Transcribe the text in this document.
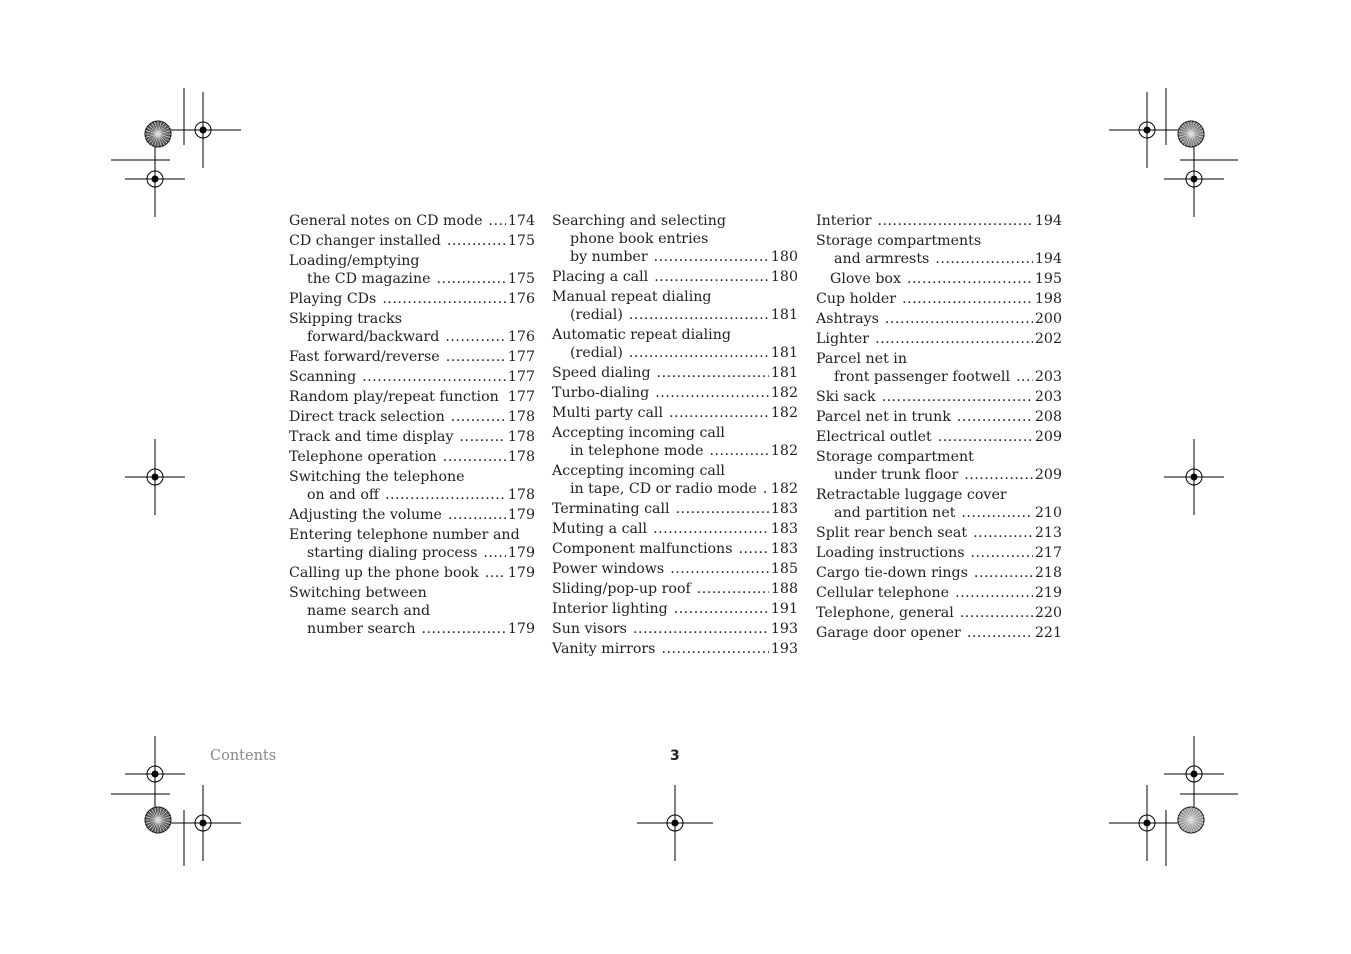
General notes on CD mode ..... 174
CD changer installed .....	175
Loading/emptying
the CD magazine .....	175
Playing CDs .....	176
Skipping tracks
forward/backward .....	176
Fast forward/reverse .....	177
Scanning .....	177
Random play/repeat function ..... 177
Direct track selection .....	178
Track and time display .....	178
Telephone operation .....	178
Switching the telephone
on and off .....	178
Adjusting the volume .....	179
Entering telephone number and
starting dialing process ..... 179
Calling up the phone book ..... 179
Switching between
name search and
number search .....	179
Searching and selecting
phone book entries
by number .....	180
Placing a call .....	180
Manual repeat dialing
(redial) .....	181
Automatic repeat dialing
(redial) .....	181
Speed dialing .....	181
Turbo-dialing .....	182
Multi party call .....	182
Accepting incoming call
in telephone mode .....	182
Accepting incoming call
in tape, CD or radio mode ..... 182
Terminating call .....	183
Muting a call .....	183
Component malfunctions .....	183
Power windows .....	185
Sliding/pop-up roof .....	188
Interior lighting .....	191
Sun visors .....	193
Vanity mirrors .....	193
Interior .....	194
Storage compartments
and armrests .....	194
Glove box .....	195
Cup holder .....	198
Ashtrays .....	200
Lighter .....	202
Parcel net in
front passenger footwell ..... 203
Ski sack .....	203
Parcel net in trunk .....	208
Electrical outlet .....	209
Storage compartment
under trunk floor .....	209
Retractable luggage cover
and partition net .....	210
Split rear bench seat .....	213
Loading instructions .....	217
Cargo tie-down rings .....	218
Cellular telephone .....	219
Telephone, general .....	220
Garage door opener .....	221
Contents	3
